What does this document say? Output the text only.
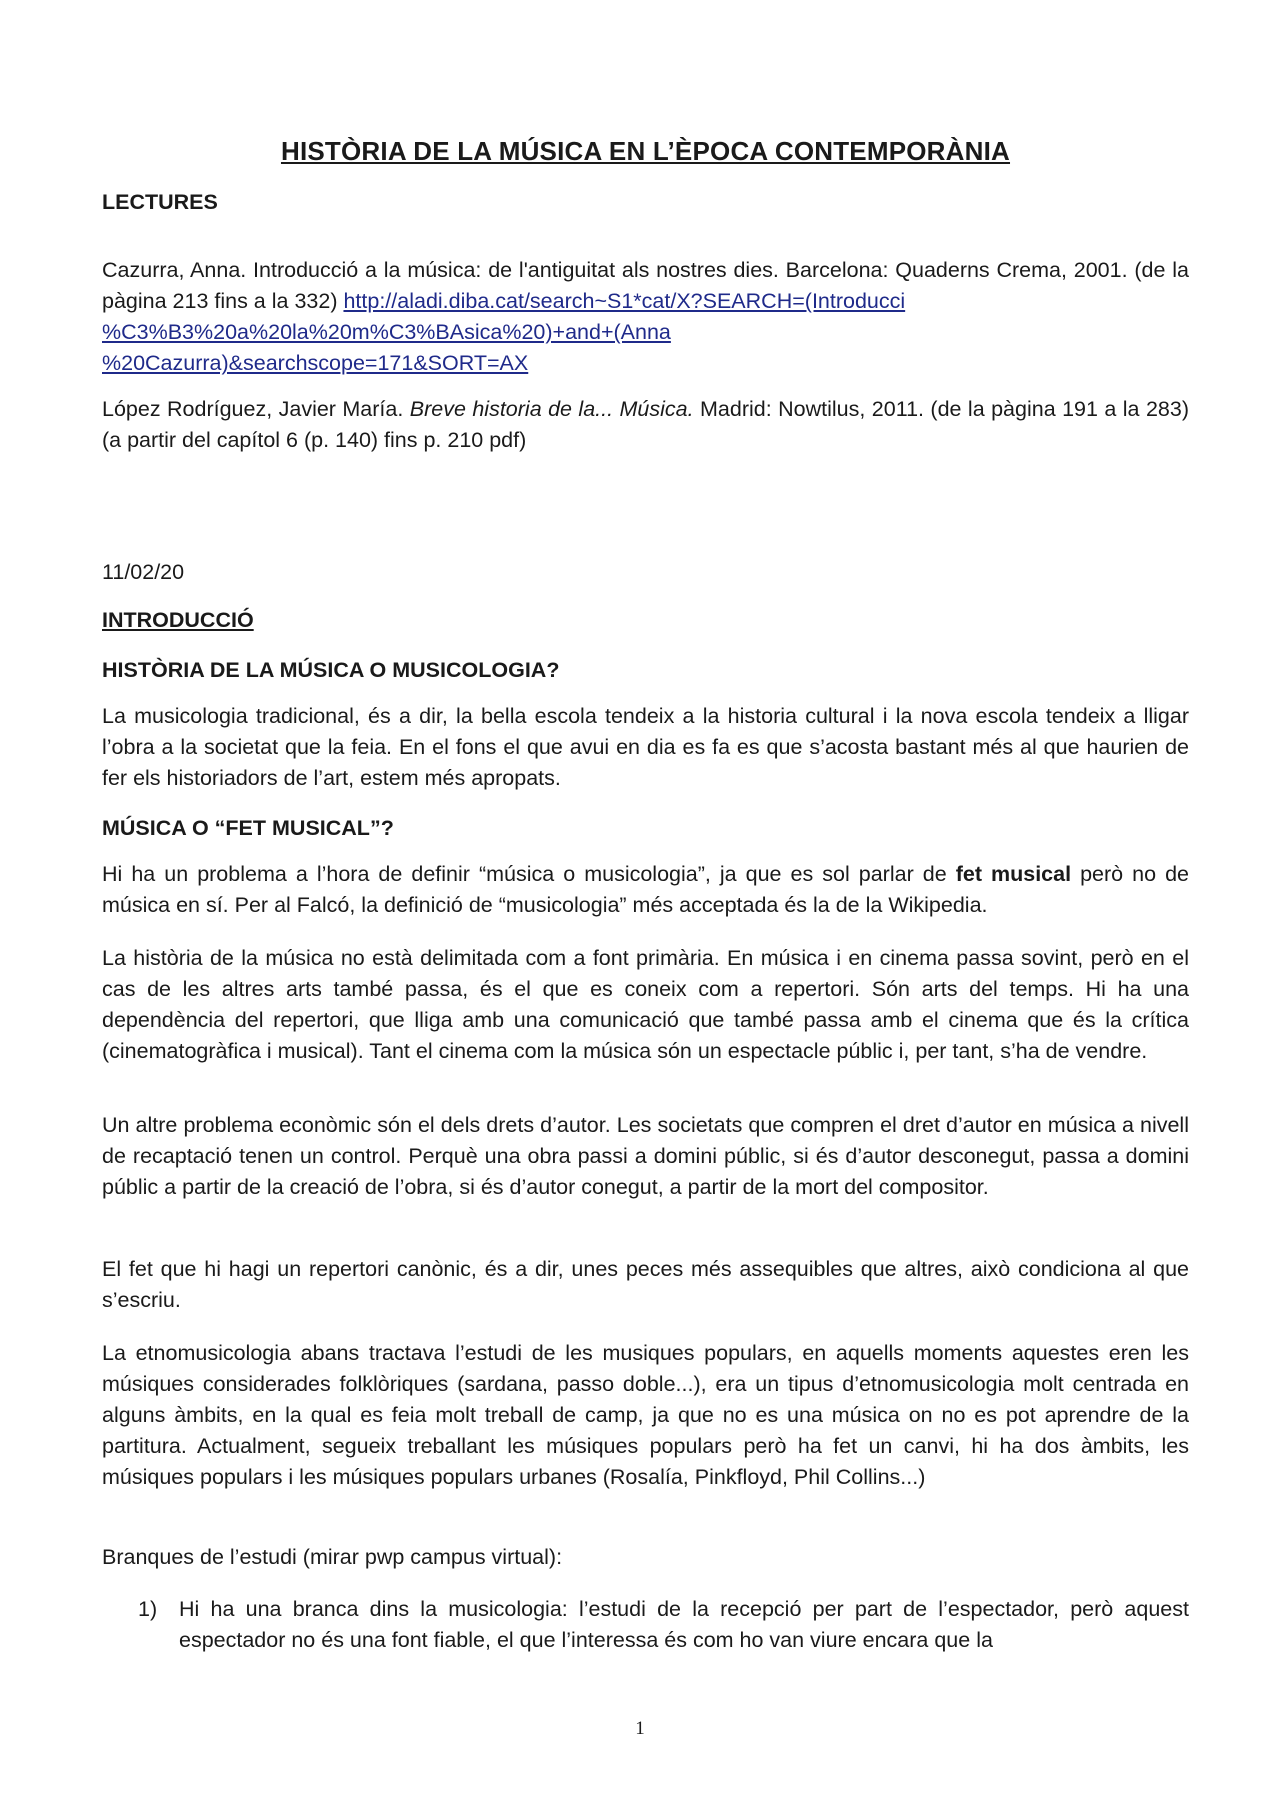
HISTÒRIA DE LA MÚSICA EN L’ÈPOCA CONTEMPORÀNIA
LECTURES

Cazurra, Anna. Introducció a la música: de l'antiguitat als nostres dies. Barcelona: Quaderns Crema, 2001. (de la pàgina 213 fins a la 332) http://aladi.diba.cat/search~S1*cat/X?SEARCH=(Introducci
%C3%B3%20a%20la%20m%C3%BAsica%20)+and+(Anna
%20Cazurra)&searchscope=171&SORT=AX

López Rodríguez, Javier María. Breve historia de la... Música. Madrid: Nowtilus, 2011. (de la pàgina 191 a la 283) (a partir del capítol 6 (p. 140) fins p. 210 pdf)

11/02/20
INTRODUCCIÓ
HISTÒRIA DE LA MÚSICA O MUSICOLOGIA?

La musicologia tradicional, és a dir, la bella escola tendeix a la historia cultural i la nova escola tendeix a lligar l’obra a la societat que la feia. En el fons el que avui en dia es fa es que s’acosta bastant més al que haurien de fer els historiadors de l’art, estem més apropats.

MÚSICA O “FET MUSICAL”?

Hi ha un problema a l’hora de definir “música o musicologia”, ja que es sol parlar de fet musical però no de música en sí. Per al Falcó, la definició de “musicologia” més acceptada és la de la Wikipedia.

La història de la música no està delimitada com a font primària. En música i en cinema passa sovint, però en el cas de les altres arts també passa, és el que es coneix com a repertori. Són arts del temps. Hi ha una dependència del repertori, que lliga amb una comunicació que també passa amb el cinema que és la crítica (cinematogràfica i musical). Tant el cinema com la música són un espectacle públic i, per tant, s’ha de vendre.

Un altre problema econòmic són el dels drets d’autor. Les societats que compren el dret d’autor en música a nivell de recaptació tenen un control. Perquè una obra passi a domini públic, si és d’autor desconegut, passa a domini públic a partir de la creació de l’obra, si és d’autor conegut, a partir de la mort del compositor.

El fet que hi hagi un repertori canònic, és a dir, unes peces més assequibles que altres, això condiciona al que s’escriu.

La etnomusicologia abans tractava l’estudi de les musiques populars, en aquells moments aquestes eren les músiques considerades folklòriques (sardana, passo doble...), era un tipus d’etnomusicologia molt centrada en alguns àmbits, en la qual es feia molt treball de camp, ja que no es una música on no es pot aprendre de la partitura. Actualment, segueix treballant les músiques populars però ha fet un canvi, hi ha dos àmbits, les músiques populars i les músiques populars urbanes (Rosalía, Pinkfloyd, Phil Collins...)

Branques de l’estudi (mirar pwp campus virtual):

1) Hi ha una branca dins la musicologia: l’estudi de la recepció per part de l’espectador, però aquest espectador no és una font fiable, el que l’interessa és com ho van viure encara que la
1
